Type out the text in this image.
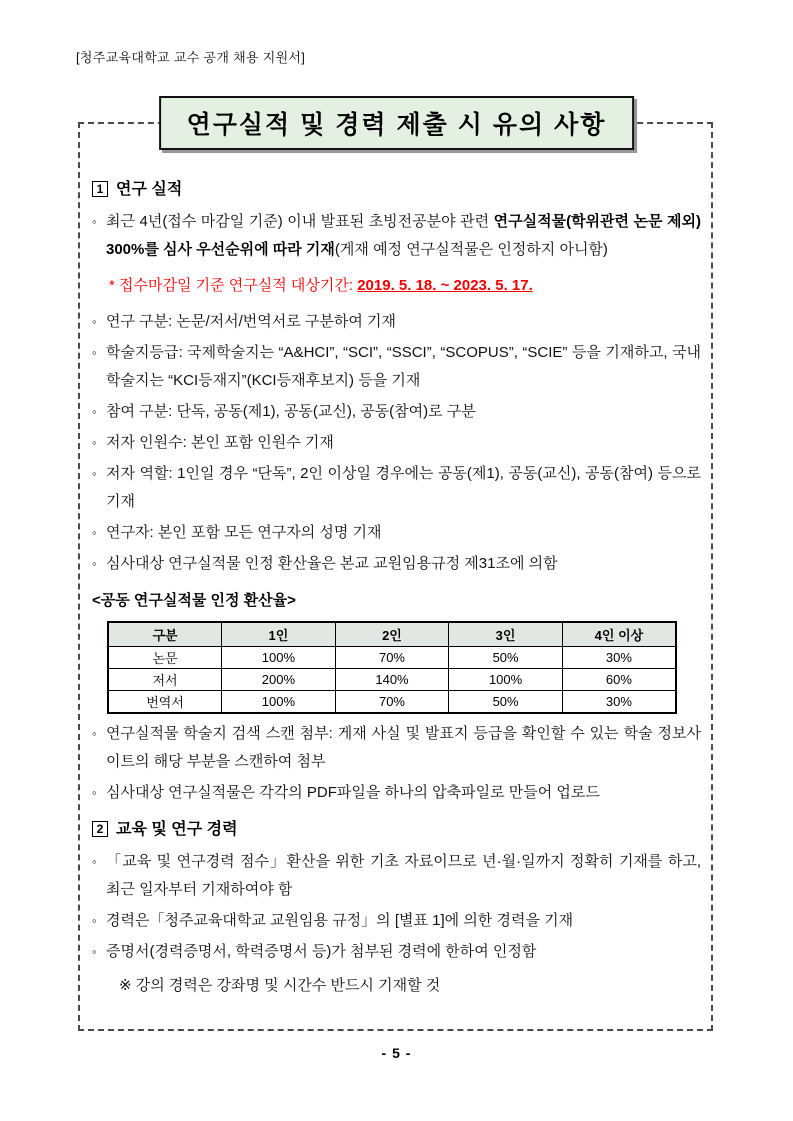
[청주교육대학교 교수 공개 채용 지원서]
연구실적 및 경력 제출 시 유의 사항
1 연구 실적
◦ 최근 4년(접수 마감일 기준) 이내 발표된 초빙전공분야 관련 연구실적물(학위관련 논문 제외) 300%를 심사 우선순위에 따라 기재(게재 예정 연구실적물은 인정하지 아니함)
* 접수마감일 기준 연구실적 대상기간: 2019. 5. 18. ~ 2023. 5. 17.
◦ 연구 구분: 논문/저서/번역서로 구분하여 기재
◦ 학술지등급: 국제학술지는 “A&HCI”, “SCI”, “SSCI”, “SCOPUS”, “SCIE” 등을 기재하고, 국내학술지는 “KCI등재지”(KCI등재후보지) 등을 기재
◦ 참여 구분: 단독, 공동(제1), 공동(교신), 공동(참여)로 구분
◦ 저자 인원수: 본인 포함 인원수 기재
◦ 저자 역할: 1인일 경우 “단독”, 2인 이상일 경우에는 공동(제1), 공동(교신), 공동(참여) 등으로 기재
◦ 연구자: 본인 포함 모든 연구자의 성명 기재
◦ 심사대상 연구실적물 인정 환산율은 본교 교원임용규정 제31조에 의함
<공동 연구실적물 인정 환산율>
구분	1인	2인	3인	4인 이상
논문	100%	70%	50%	30%
저서	200%	140%	100%	60%
번역서	100%	70%	50%	30%
◦ 연구실적물 학술지 검색 스캔 첨부: 게재 사실 및 발표지 등급을 확인할 수 있는 학술 정보사이트의 해당 부분을 스캔하여 첨부
◦ 심사대상 연구실적물은 각각의 PDF파일을 하나의 압축파일로 만들어 업로드
2 교육 및 연구 경력
◦ 「교육 및 연구경력 점수」환산을 위한 기초 자료이므로 년·월·일까지 정확히 기재를 하고, 최근 일자부터 기재하여야 함
◦ 경력은「청주교육대학교 교원임용 규정」의 [별표 1]에 의한 경력을 기재
◦ 증명서(경력증명서, 학력증명서 등)가 첨부된 경력에 한하여 인정함
※ 강의 경력은 강좌명 및 시간수 반드시 기재할 것
- 5 -
